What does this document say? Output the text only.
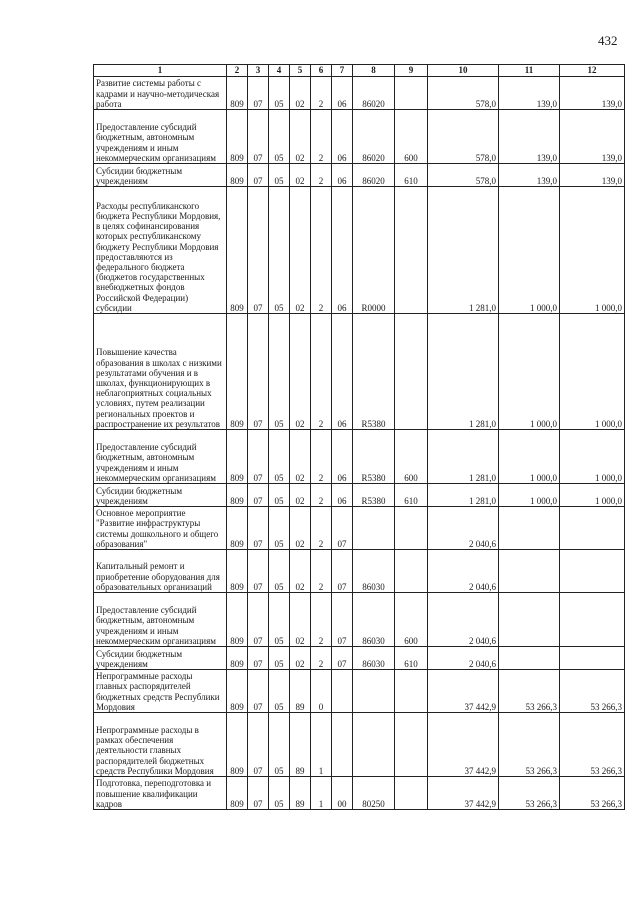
432
1	2	3	4	5	6	7	8	9	10	11	12
Развитие системы работы с кадрами и научно-методическая работа	809	07	05	02	2	06	86020		578,0	139,0	139,0
Предоставление субсидий бюджетным, автономным учреждениям и иным некоммерческим организациям	809	07	05	02	2	06	86020	600	578,0	139,0	139,0
Субсидии бюджетным учреждениям	809	07	05	02	2	06	86020	610	578,0	139,0	139,0
Расходы республиканского бюджета Республики Мордовия, в целях софинансирования которых республиканскому бюджету Республики Мордовия предоставляются из федерального бюджета (бюджетов государственных внебюджетных фондов Российской Федерации) субсидии	809	07	05	02	2	06	R0000		1 281,0	1 000,0	1 000,0
Повышение качества образования в школах с низкими результатами обучения и в школах, функционирующих в неблагоприятных социальных условиях, путем реализации региональных проектов и распространение их результатов	809	07	05	02	2	06	R5380		1 281,0	1 000,0	1 000,0
Предоставление субсидий бюджетным, автономным учреждениям и иным некоммерческим организациям	809	07	05	02	2	06	R5380	600	1 281,0	1 000,0	1 000,0
Субсидии бюджетным учреждениям	809	07	05	02	2	06	R5380	610	1 281,0	1 000,0	1 000,0
Основное мероприятие "Развитие инфраструктуры системы дошкольного и общего образования"	809	07	05	02	2	07			2 040,6		
Капитальный ремонт и приобретение оборудования для образовательных организаций	809	07	05	02	2	07	86030		2 040,6		
Предоставление субсидий бюджетным, автономным учреждениям и иным некоммерческим организациям	809	07	05	02	2	07	86030	600	2 040,6		
Субсидии бюджетным учреждениям	809	07	05	02	2	07	86030	610	2 040,6		
Непрограммные расходы главных распорядителей бюджетных средств Республики Мордовия	809	07	05	89	0				37 442,9	53 266,3	53 266,3
Непрограммные расходы в рамках обеспечения деятельности главных распорядителей бюджетных средств Республики Мордовия	809	07	05	89	1				37 442,9	53 266,3	53 266,3
Подготовка, переподготовка и повышение квалификации кадров	809	07	05	89	1	00	80250		37 442,9	53 266,3	53 266,3
